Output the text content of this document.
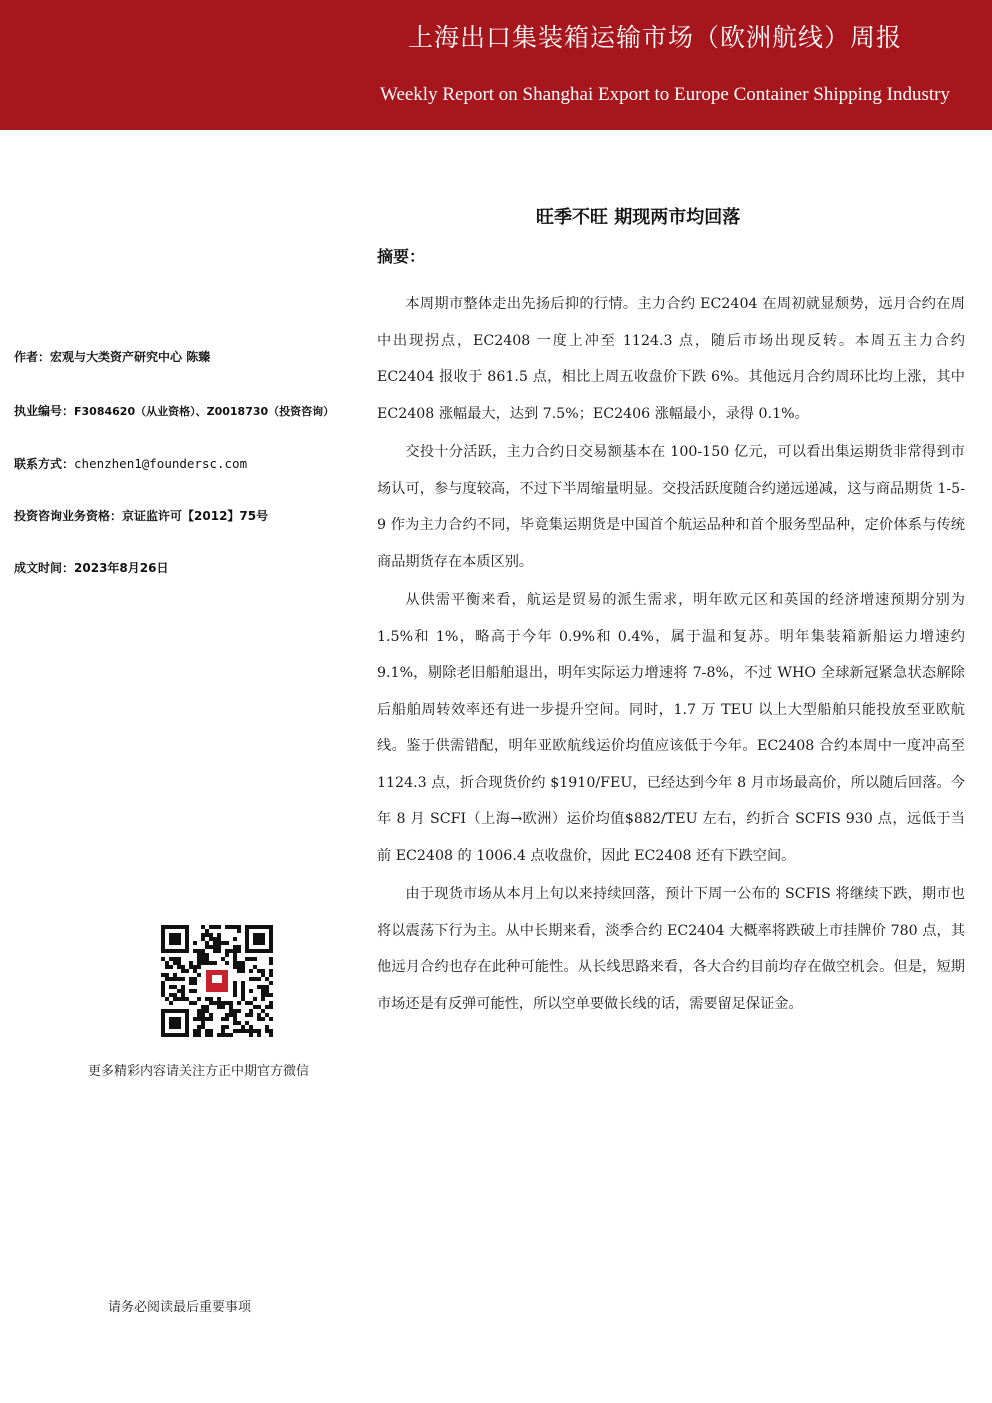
上海出口集装箱运输市场（欧洲航线）周报
Weekly Report on Shanghai Export to Europe Container Shipping Industry
作者：宏观与大类资产研究中心 陈臻
执业编号：F3084620（从业资格）、Z0018730（投资咨询）
联系方式：chenzhen1@foundersc.com
投资咨询业务资格：京证监许可【2012】75号
成文时间：2023年8月26日
更多精彩内容请关注方正中期官方微信
请务必阅读最后重要事项
旺季不旺 期现两市均回落
摘要：

本周期市整体走出先扬后抑的行情。主力合约 EC2404 在周初就显颓势，远月合约在周中出现拐点，EC2408 一度上冲至 1124.3 点，随后市场出现反转。本周五主力合约 EC2404 报收于 861.5 点，相比上周五收盘价下跌 6%。其他远月合约周环比均上涨，其中 EC2408 涨幅最大，达到 7.5%；EC2406 涨幅最小，录得 0.1%。

交投十分活跃，主力合约日交易额基本在 100-150 亿元，可以看出集运期货非常得到市场认可，参与度较高，不过下半周缩量明显。交投活跃度随合约递远递减，这与商品期货 1-5-9 作为主力合约不同，毕竟集运期货是中国首个航运品种和首个服务型品种，定价体系与传统商品期货存在本质区别。

从供需平衡来看，航运是贸易的派生需求，明年欧元区和英国的经济增速预期分别为 1.5%和 1%，略高于今年 0.9%和 0.4%，属于温和复苏。明年集装箱新船运力增速约 9.1%，剔除老旧船舶退出，明年实际运力增速将 7-8%，不过 WHO 全球新冠紧急状态解除后船舶周转效率还有进一步提升空间。同时，1.7 万 TEU 以上大型船舶只能投放至亚欧航线。鉴于供需错配，明年亚欧航线运价均值应该低于今年。EC2408 合约本周中一度冲高至 1124.3 点，折合现货价约 $1910/FEU，已经达到今年 8 月市场最高价，所以随后回落。今年 8 月 SCFI（上海→欧洲）运价均值$882/TEU 左右，约折合 SCFIS 930 点，远低于当前 EC2408 的 1006.4 点收盘价，因此 EC2408 还有下跌空间。

由于现货市场从本月上旬以来持续回落，预计下周一公布的 SCFIS 将继续下跌，期市也将以震荡下行为主。从中长期来看，淡季合约 EC2404 大概率将跌破上市挂牌价 780 点，其他远月合约也存在此种可能性。从长线思路来看，各大合约目前均存在做空机会。但是，短期市场还是有反弹可能性，所以空单要做长线的话，需要留足保证金。
